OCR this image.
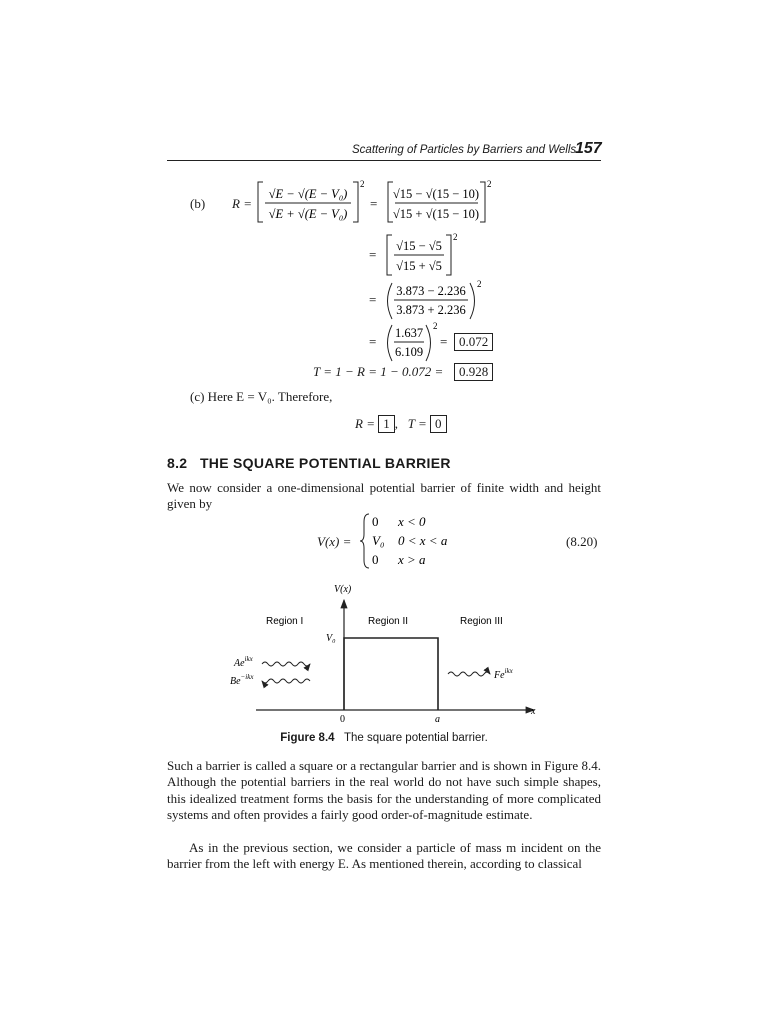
Scattering of Particles by Barriers and Wells
157
(b) R =
√E − √(E − V₀)
√E + √(E − V₀)
2
=
√15 − √(15 − 10)
√15 + √(15 − 10)
2
=
√15 − √5
√15 + √5
2
=
3.873 − 2.236
3.873 + 2.236
2
=
1.637
6.109
2
= 0.072
T = 1 − R = 1 − 0.072 =	0.928
(c) Here E = V₀. Therefore,
R = 1 ,   T = 0
8.2 THE SQUARE POTENTIAL BARRIER
We now consider a one-dimensional potential barrier of finite width and height given by
V(x) =
0 x < 0
V₀ 0 < x < a
0 x > a
(8.20)
V(x)
x
Region I	Region II	Region III
V₀
0	a
$Ae^{ikx}$
$Be^{-ikx}$	$Fe^{ikx}$
Figure 8.4 The square potential barrier.
Such a barrier is called a square or a rectangular barrier and is shown in Figure 8.4. Although the potential barriers in the real world do not have such simple shapes, this idealized treatment forms the basis for the understanding of more complicated systems and often provides a fairly good order-of-magnitude estimate.
As in the previous section, we consider a particle of mass m incident on the barrier from the left with energy E. As mentioned therein, according to classical
